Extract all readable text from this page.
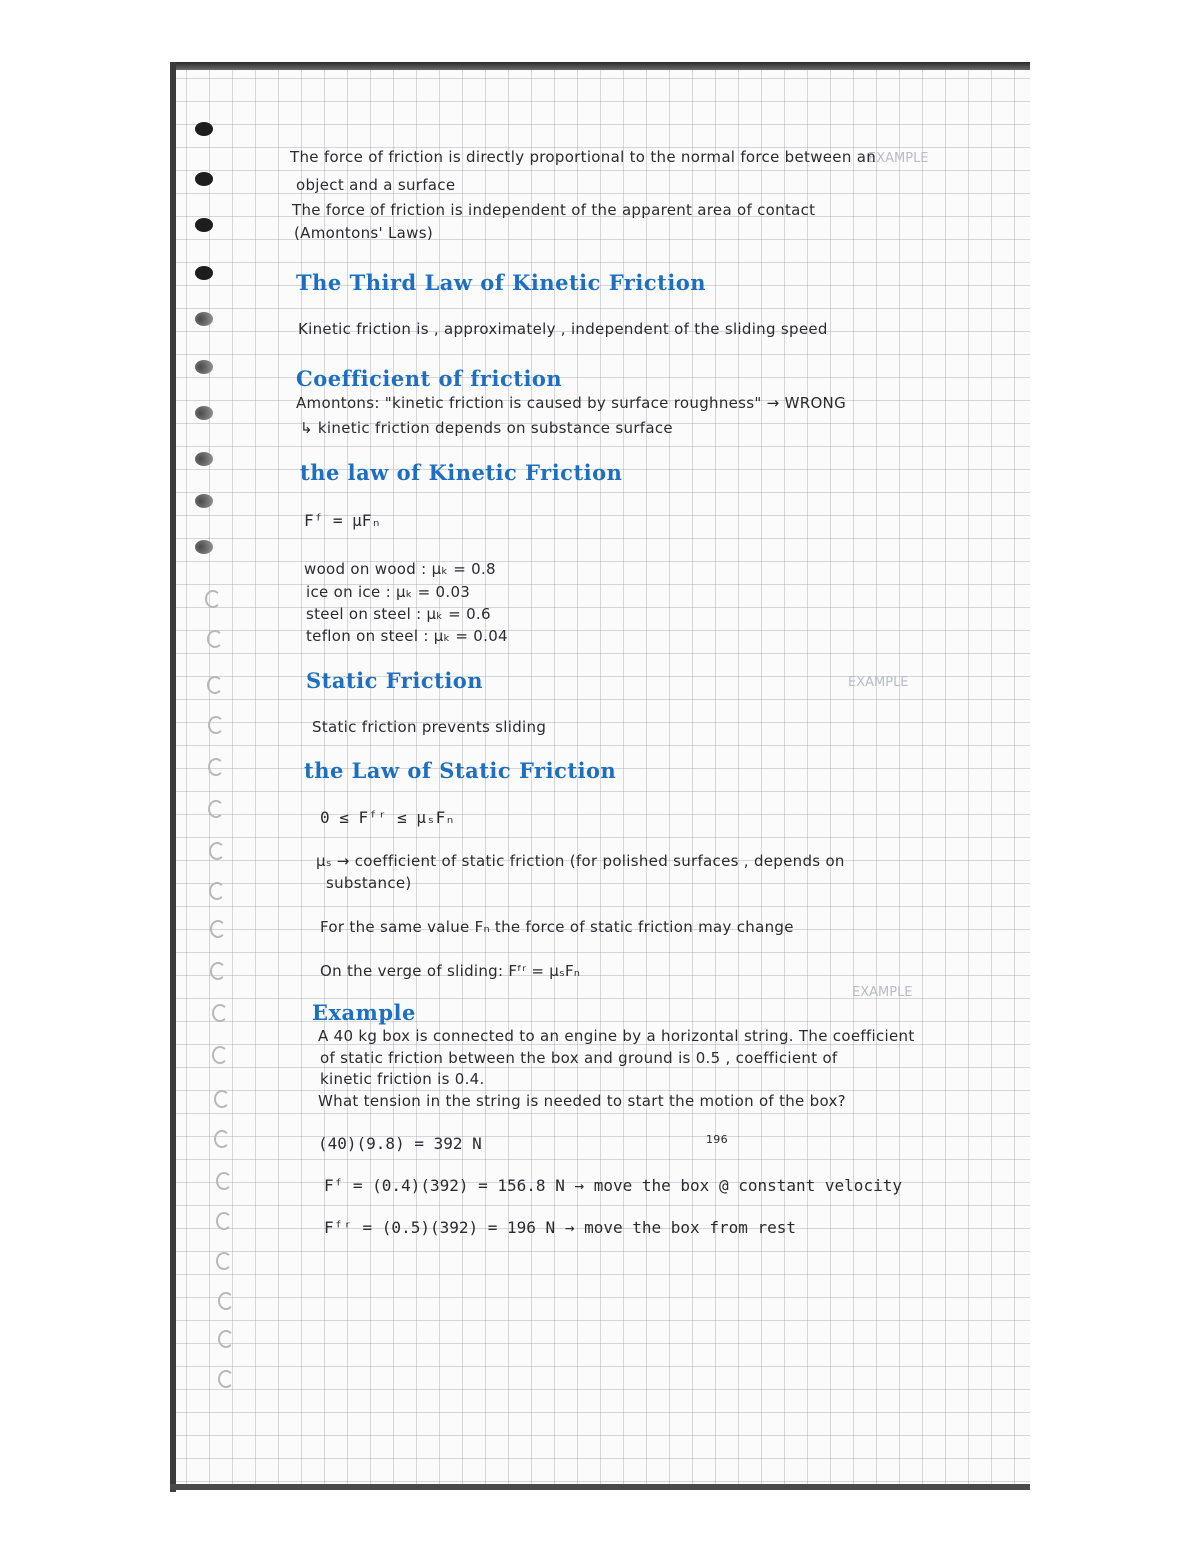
EXAMPLE

EXAMPLE

EXAMPLE

The force of friction is directly proportional to the normal force between an

object and a surface

The force of friction is independent of the apparent area of contact

(Amontons' Laws)

The Third Law of Kinetic Friction

Kinetic friction is , approximately , independent of the sliding speed

Coefficient of friction

Amontons: "kinetic friction is caused by surface roughness" → WRONG

↳ kinetic friction depends on substance surface

the law of Kinetic Friction

Fᶠ = μFₙ

wood on wood : μₖ = 0.8

ice on ice : μₖ = 0.03

steel on steel : μₖ = 0.6

teflon on steel : μₖ = 0.04

Static Friction

Static friction prevents sliding

the Law of Static Friction

0 ≤ Fᶠʳ ≤ μₛFₙ

μₛ → coefficient of static friction (for polished surfaces , depends on

substance)

For the same value Fₙ the force of static friction may change

On the verge of sliding: Fᶠʳ = μₛFₙ

Example

A 40 kg box is connected to an engine by a horizontal string. The coefficient

of static friction between the box and ground is 0.5 , coefficient of

kinetic friction is 0.4.

What tension in the string is needed to start the motion of the box?

(40)(9.8) = 392 N	196

Fᶠ = (0.4)(392) = 156.8 N → move the box @ constant velocity

Fᶠʳ = (0.5)(392) = 196 N → move the box from rest
